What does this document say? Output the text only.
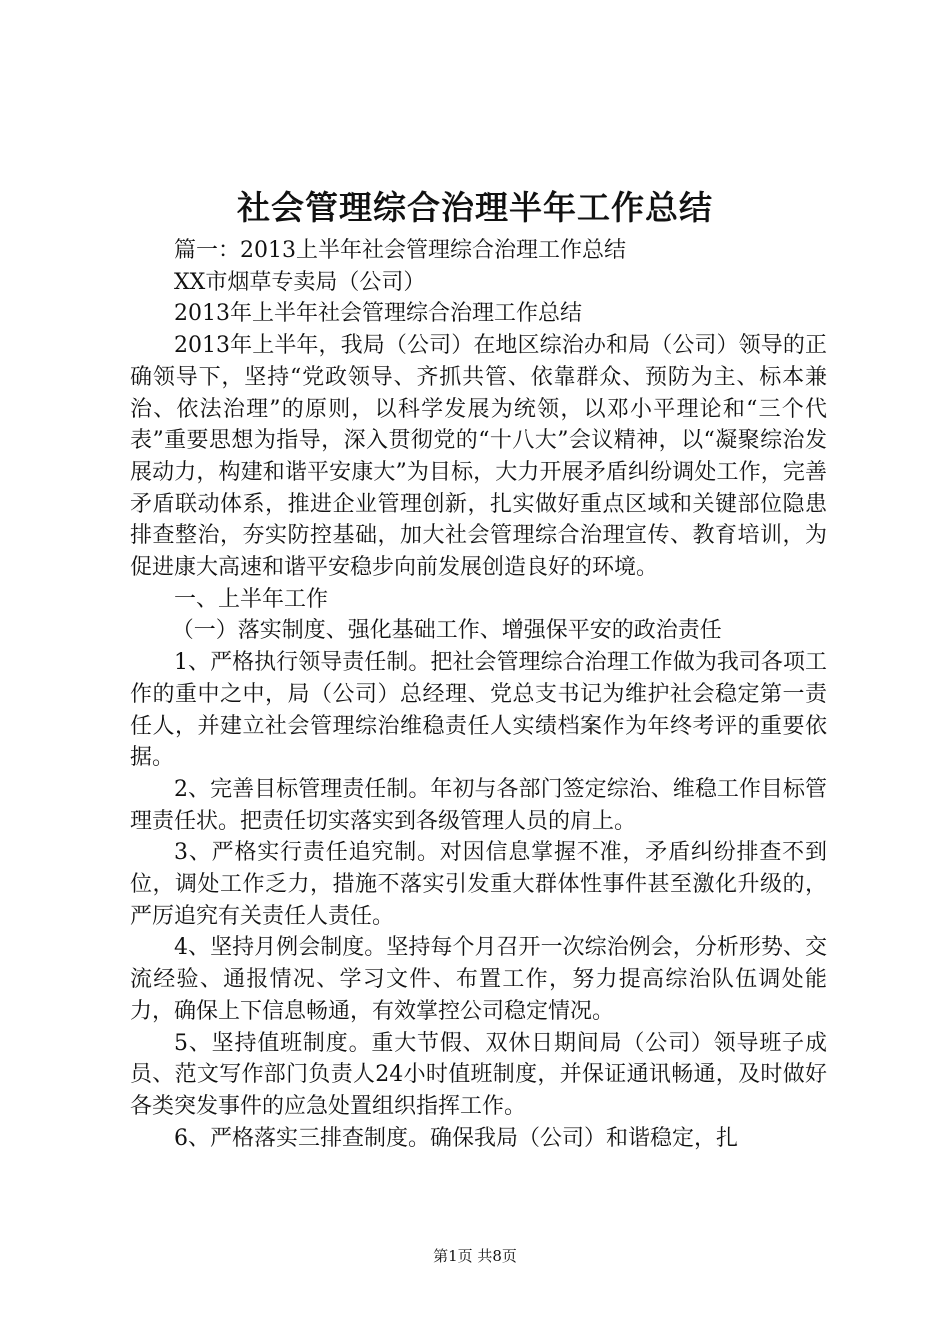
社会管理综合治理半年工作总结

篇一：2013上半年社会管理综合治理工作总结

XX市烟草专卖局（公司）

2013年上半年社会管理综合治理工作总结

2013年上半年，我局（公司）在地区综治办和局（公司）领导的正确领导下，坚持“党政领导、齐抓共管、依靠群众、预防为主、标本兼治、依法治理”的原则，以科学发展为统领，以邓小平理论和“三个代表”重要思想为指导，深入贯彻党的“十八大”会议精神，以“凝聚综治发展动力，构建和谐平安康大”为目标，大力开展矛盾纠纷调处工作，完善矛盾联动体系，推进企业管理创新，扎实做好重点区域和关键部位隐患排查整治，夯实防控基础，加大社会管理综合治理宣传、教育培训，为促进康大高速和谐平安稳步向前发展创造良好的环境。

一、上半年工作

（一）落实制度、强化基础工作、增强保平安的政治责任

1、严格执行领导责任制。把社会管理综合治理工作做为我司各项工作的重中之中，局（公司）总经理、党总支书记为维护社会稳定第一责任人，并建立社会管理综治维稳责任人实绩档案作为年终考评的重要依据。

2、完善目标管理责任制。年初与各部门签定综治、维稳工作目标管理责任状。把责任切实落实到各级管理人员的肩上。

3、严格实行责任追究制。对因信息掌握不准，矛盾纠纷排查不到位，调处工作乏力，措施不落实引发重大群体性事件甚至激化升级的，严厉追究有关责任人责任。

4、坚持月例会制度。坚持每个月召开一次综治例会，分析形势、交流经验、通报情况、学习文件、布置工作，努力提高综治队伍调处能力，确保上下信息畅通，有效掌控公司稳定情况。

5、坚持值班制度。重大节假、双休日期间局（公司）领导班子成员、范文写作部门负责人24小时值班制度，并保证通讯畅通，及时做好各类突发事件的应急处置组织指挥工作。

6、严格落实三排查制度。确保我局（公司）和谐稳定，扎

第1页 共8页
